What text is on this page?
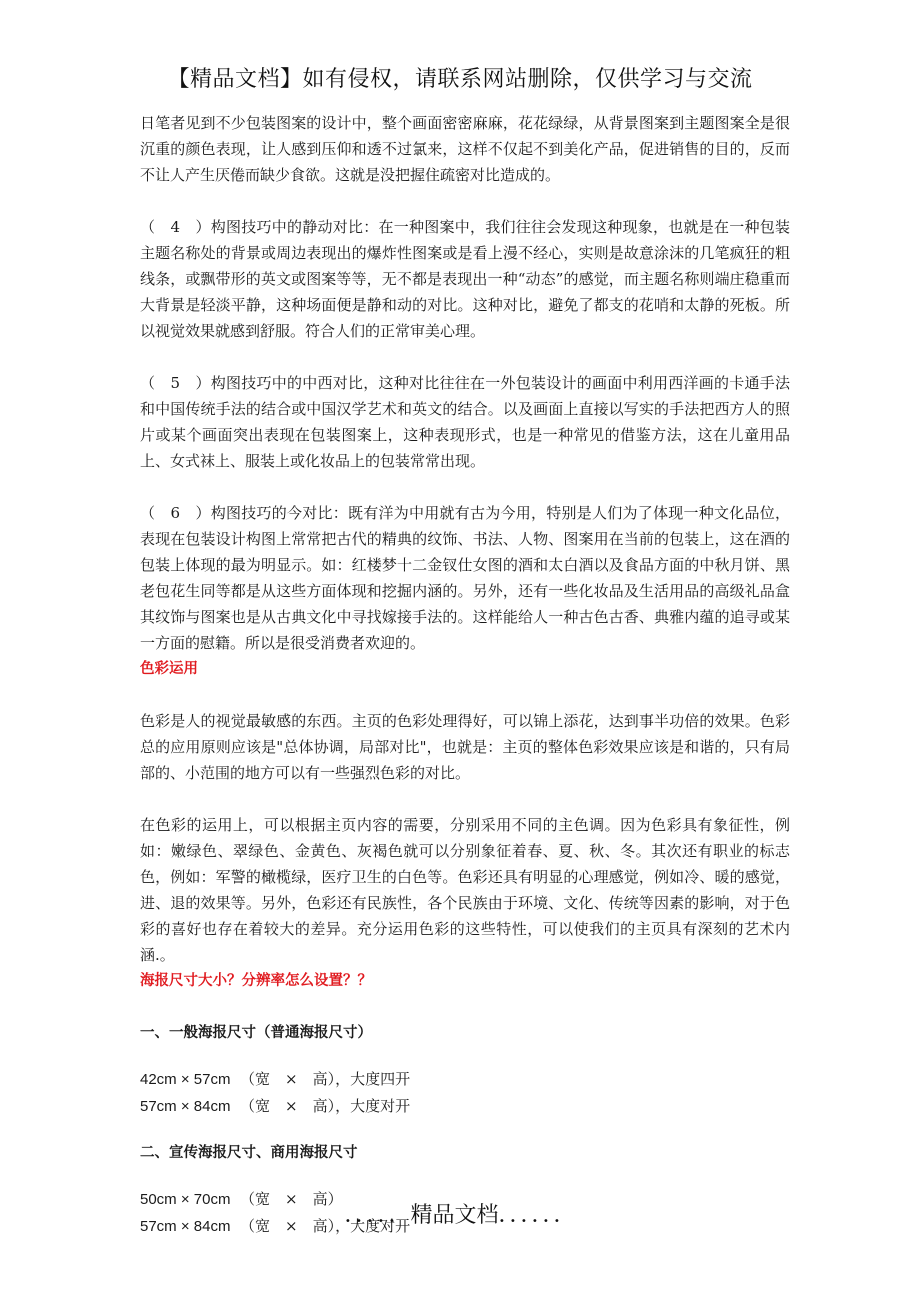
【精品文档】如有侵权，请联系网站删除，仅供学习与交流

日笔者见到不少包装图案的设计中，整个画面密密麻麻，花花绿绿，从背景图案到主题图案全是很沉重的颜色表现，让人感到压仰和透不过氯来，这样不仅起不到美化产品，促进销售的目的，反而不让人产生厌倦而缺少食欲。这就是没把握住疏密对比造成的。

（　4　）构图技巧中的静动对比：在一种图案中，我们往往会发现这种现象，也就是在一种包装主题名称处的背景或周边表现出的爆炸性图案或是看上漫不经心，实则是故意涂沫的几笔疯狂的粗线条，或飘带形的英文或图案等等，无不都是表现出一种“动态”的感觉，而主题名称则端庄稳重而大背景是轻淡平静，这种场面便是静和动的对比。这种对比，避免了都支的花哨和太静的死板。所以视觉效果就感到舒服。符合人们的正常审美心理。

（　5　）构图技巧中的中西对比，这种对比往往在一外包装设计的画面中利用西洋画的卡通手法和中国传统手法的结合或中国汉学艺术和英文的结合。以及画面上直接以写实的手法把西方人的照片或某个画面突出表现在包装图案上，这种表现形式，也是一种常见的借鉴方法，这在儿童用品上、女式袜上、服装上或化妆品上的包装常常出现。

（　6　）构图技巧的今对比：既有洋为中用就有古为今用，特别是人们为了体现一种文化品位，表现在包装设计构图上常常把古代的精典的纹饰、书法、人物、图案用在当前的包装上，这在酒的包装上体现的最为明显示。如：红楼梦十二金钗仕女图的酒和太白酒以及食品方面的中秋月饼、黑老包花生同等都是从这些方面体现和挖掘内涵的。另外，还有一些化妆品及生活用品的高级礼品盒其纹饰与图案也是从古典文化中寻找嫁接手法的。这样能给人一种古色古香、典雅内蕴的追寻或某一方面的慰籍。所以是很受消费者欢迎的。

色彩运用

色彩是人的视觉最敏感的东西。主页的色彩处理得好，可以锦上添花，达到事半功倍的效果。色彩总的应用原则应该是"总体协调，局部对比"，也就是：主页的整体色彩效果应该是和谐的，只有局部的、小范围的地方可以有一些强烈色彩的对比。

在色彩的运用上，可以根据主页内容的需要，分别采用不同的主色调。因为色彩具有象征性，例如：嫩绿色、翠绿色、金黄色、灰褐色就可以分别象征着春、夏、秋、冬。其次还有职业的标志色，例如：军警的橄榄绿，医疗卫生的白色等。色彩还具有明显的心理感觉，例如冷、暖的感觉，进、退的效果等。另外，色彩还有民族性，各个民族由于环境、文化、传统等因素的影响，对于色彩的喜好也存在着较大的差异。充分运用色彩的这些特性，可以使我们的主页具有深刻的艺术内涵.。

海报尺寸大小？分辨率怎么设置？？

一、一般海报尺寸（普通海报尺寸）

42cm × 57cm （宽　×　高），大度四开

57cm × 84cm （宽　×　高），大度对开

二、宣传海报尺寸、商用海报尺寸

50cm × 70cm （宽　×　高）

57cm × 84cm （宽　×　高），大度对开

．．．．．精品文档．．．．．．
